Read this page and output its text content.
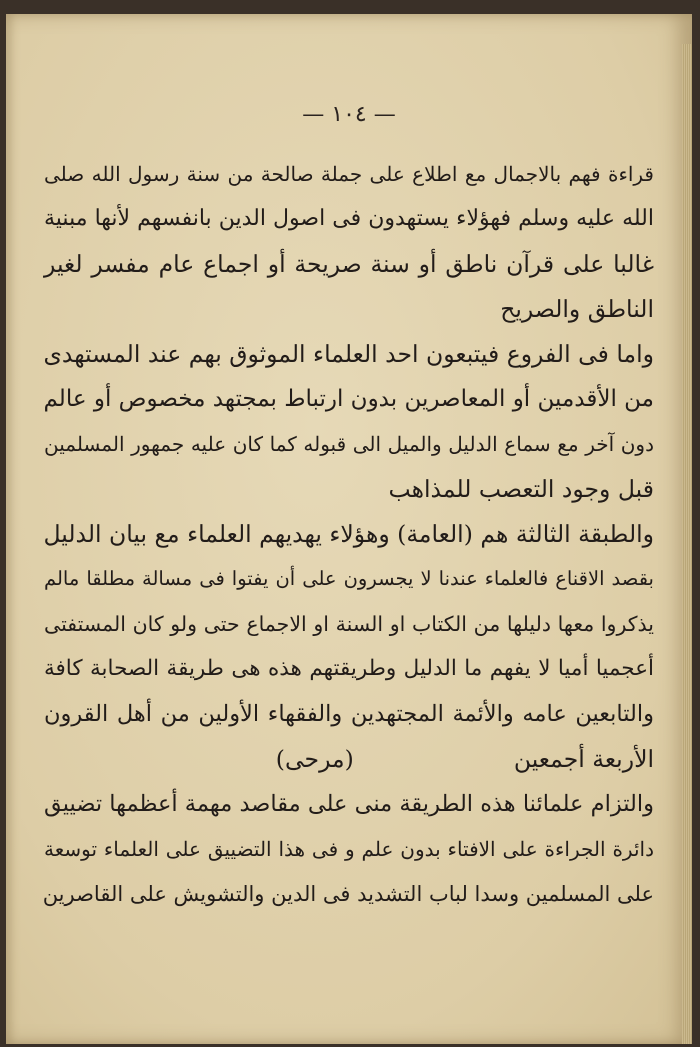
— ١٠٤ —
قراءة فهم بالاجمال مع اطلاع على جملة صالحة من سنة رسول الله صلى
الله عليه وسلم فهؤلاء يستهدون فى اصول الدين بانفسهم لأنها مبنية
غالبا على قرآن ناطق أو سنة صريحة أو اجماع عام مفسر لغير
الناطق والصريح
واما فى الفروع فيتبعون احد العلماء الموثوق بهم عند المستهدى
من الأقدمين أو المعاصرين بدون ارتباط بمجتهد مخصوص أو عالم
دون آخر مع سماع الدليل والميل الى قبوله كما كان عليه جمهور المسلمين
قبل وجود التعصب للمذاهب
والطبقة الثالثة هم (العامة) وهؤلاء يهديهم العلماء مع بيان الدليل
بقصد الاقناع فالعلماء عندنا لا يجسرون على أن يفتوا فى مسالة مطلقا مالم
يذكروا معها دليلها من الكتاب او السنة او الاجماع حتى ولو كان المستفتى
أعجميا أميا لا يفهم ما الدليل وطريقتهم هذه هى طريقة الصحابة كافة
والتابعين عامه والأئمة المجتهدين والفقهاء الأولين من أهل القرون
الأربعة أجمعين(مرحى)
والتزام علمائنا هذه الطريقة منى على مقاصد مهمة أعظمها تضييق
دائرة الجراءة على الافتاء بدون علم و فى هذا التضييق على العلماء توسعة
على المسلمين وسدا لباب التشديد فى الدين والتشويش على القاصرين
